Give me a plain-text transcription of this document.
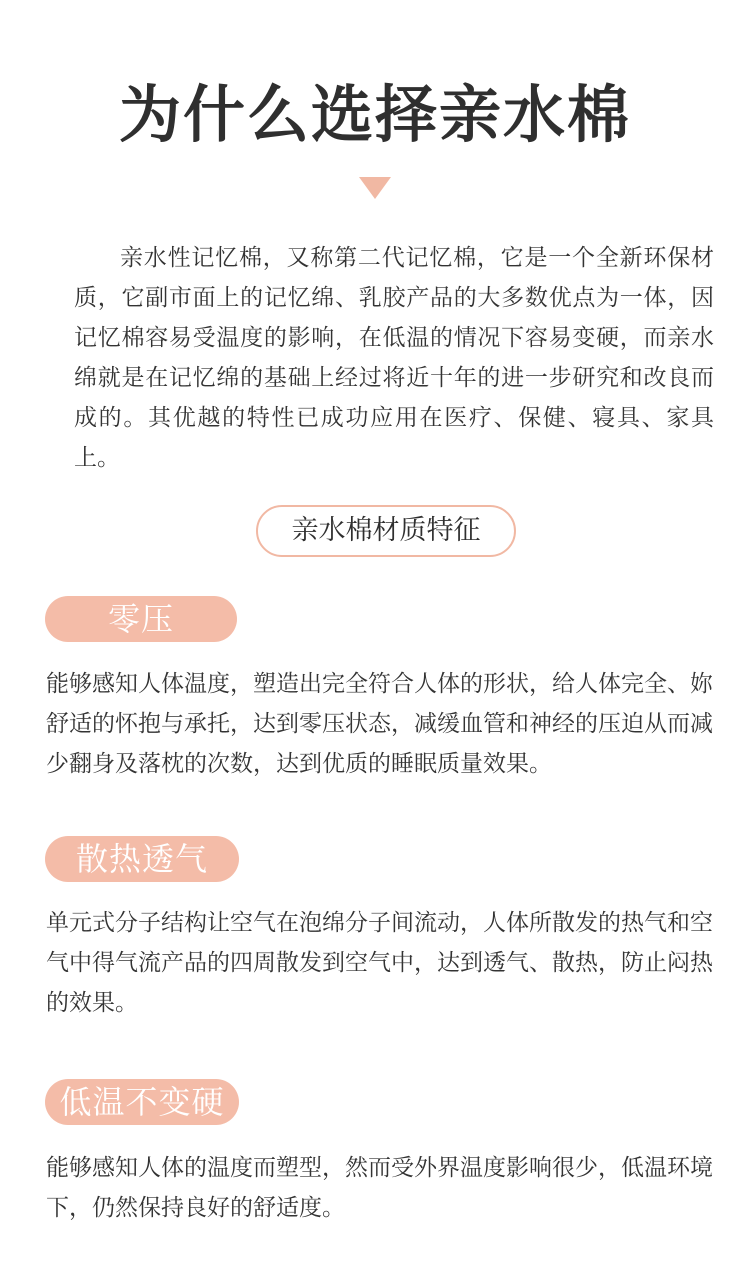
为什么选择亲水棉

亲水性记忆棉，又称第二代记忆棉，它是一个全新环保材质，它副市面上的记忆绵、乳胶产品的大多数优点为一体，因记忆棉容易受温度的影响，在低温的情况下容易变硬，而亲水绵就是在记忆绵的基础上经过将近十年的进一步研究和改良而成的。其优越的特性已成功应用在医疗、保健、寝具、家具上。

亲水棉材质特征
零压

能够感知人体温度，塑造出完全符合人体的形状，给人体完全、妳舒适的怀抱与承托，达到零压状态，减缓血管和神经的压迫从而减少翻身及落枕的次数，达到优质的睡眠质量效果。

散热透气

单元式分子结构让空气在泡绵分子间流动，人体所散发的热气和空气中得气流产品的四周散发到空气中，达到透气、散热，防止闷热的效果。

低温不变硬

能够感知人体的温度而塑型，然而受外界温度影响很少，低温环境下，仍然保持良好的舒适度。
